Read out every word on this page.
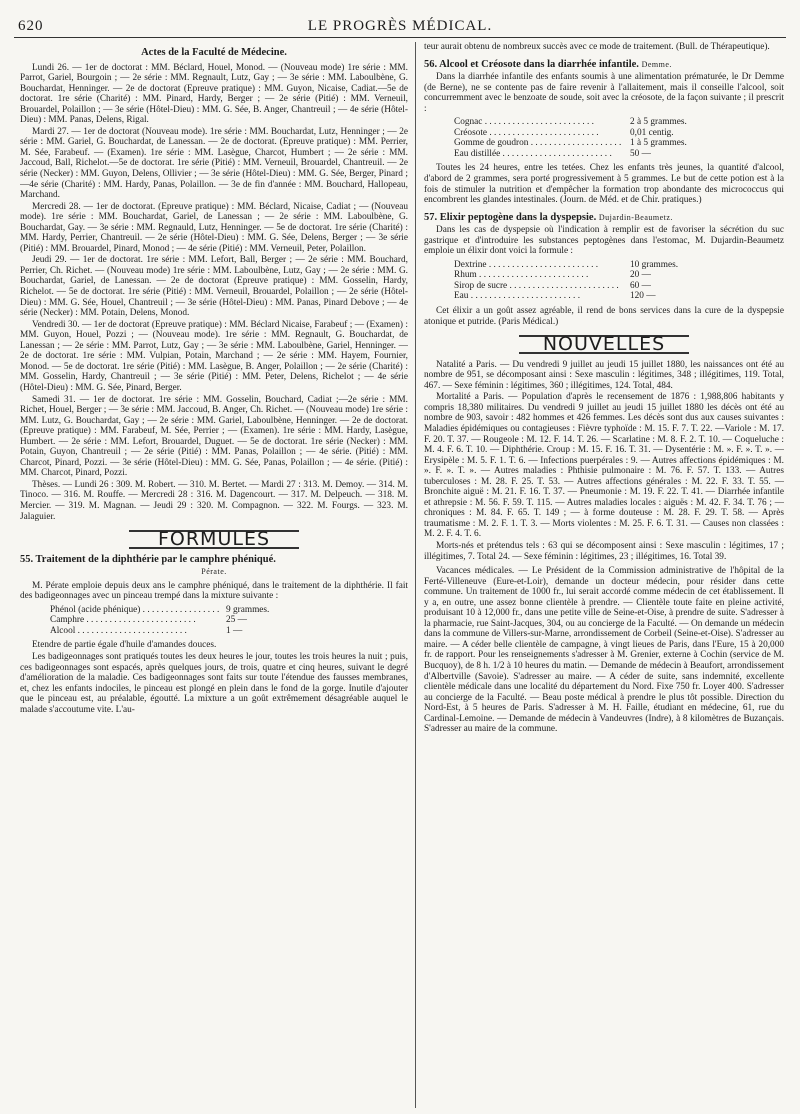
620	LE PROGRÈS MÉDICAL.
Actes de la Faculté de Médecine.

Lundi 26. — 1er de doctorat : MM. Béclard, Houel, Monod. — (Nouveau mode) 1re série : MM. Parrot, Gariel, Bourgoin ; — 2e série : MM. Regnault, Lutz, Gay ; — 3e série : MM. Laboulbène, G. Bouchardat, Henninger. — 2e de doctorat (Epreuve pratique) : MM. Guyon, Nicaise, Cadiat.—5e de doctorat. 1re série (Charité) : MM. Pinard, Hardy, Berger ; — 2e série (Pitié) : MM. Verneuil, Brouardel, Polaillon ; — 3e série (Hôtel-Dieu) : MM. G. Sée, B. Anger, Chantreuil ; — 4e série (Hôtel-Dieu) : MM. Panas, Delens, Rigal.

Mardi 27. — 1er de doctorat (Nouveau mode). 1re série : MM. Bouchardat, Lutz, Henninger ; — 2e série : MM. Gariel, G. Bouchardat, de Lanessan. — 2e de doctorat. (Epreuve pratique) : MM. Perrier, M. Sée, Farabeuf. — (Examen). 1re série : MM. Lasègue, Charcot, Humbert ; — 2e série : MM. Jaccoud, Ball, Richelot.—5e de doctorat. 1re série (Pitié) : MM. Verneuil, Brouardel, Chantreuil. — 2e série (Necker) : MM. Guyon, Delens, Ollivier ; — 3e série (Hôtel-Dieu) : MM. G. Sée, Berger, Pinard ;—4e série (Charité) : MM. Hardy, Panas, Polaillon. — 3e de fin d'année : MM. Bouchard, Hallopeau, Marchand.

Mercredi 28. — 1er de doctorat. (Epreuve pratique) : MM. Béclard, Nicaise, Cadiat ; — (Nouveau mode). 1re série : MM. Bouchardat, Gariel, de Lanessan ; — 2e série : MM. Laboulbène, G. Bouchardat, Gay. — 3e série : MM. Regnauld, Lutz, Henninger. — 5e de doctorat. 1re série (Charité) : MM. Hardy, Perrier, Chantreuil. — 2e série (Hôtel-Dieu) : MM. G. Sée, Delens, Berger ; — 3e série (Pitié) : MM. Brouardel, Pinard, Monod ; — 4e série (Pitié) : MM. Verneuil, Peter, Polaillon.

Jeudi 29. — 1er de doctorat. 1re série : MM. Lefort, Ball, Berger ; — 2e série : MM. Bouchard, Perrier, Ch. Richet. — (Nouveau mode) 1re série : MM. Laboulbène, Lutz, Gay ; — 2e série : MM. G. Bouchardat, Gariel, de Lanessan. — 2e de doctorat (Epreuve pratique) : MM. Gosselin, Hardy, Richelot. — 5e de doctorat. 1re série (Pitié) : MM. Verneuil, Brouardel, Polaillon ; — 2e série (Hôtel-Dieu) : MM. G. Sée, Houel, Chantreuil ; — 3e série (Hôtel-Dieu) : MM. Panas, Pinard Debove ; — 4e série (Necker) : MM. Potain, Delens, Monod.

Vendredi 30. — 1er de doctorat (Epreuve pratique) : MM. Béclard Nicaise, Farabeuf ; — (Examen) : MM. Guyon, Houel, Pozzi ; — (Nouveau mode). 1re série : MM. Regnault, G. Bouchardat, de Lanessan ; — 2e série : MM. Parrot, Lutz, Gay ; — 3e série : MM. Laboulbène, Gariel, Henninger. — 2e de doctorat. 1re série : MM. Vulpian, Potain, Marchand ; — 2e série : MM. Hayem, Fournier, Monod. — 5e de doctorat. 1re série (Pitié) : MM. Lasègue, B. Anger, Polaillon ; — 2e série (Charité) : MM. Gosselin, Hardy, Chantreuil ; — 3e série (Pitié) : MM. Peter, Delens, Richelot ; — 4e série (Hôtel-Dieu) : MM. G. Sée, Pinard, Berger.

Samedi 31. — 1er de doctorat. 1re série : MM. Gosselin, Bouchard, Cadiat ;—2e série : MM. Richet, Houel, Berger ; — 3e série : MM. Jaccoud, B. Anger, Ch. Richet. — (Nouveau mode) 1re série : MM. Lutz, G. Bouchardat, Gay ; — 2e série : MM. Gariel, Laboulbène, Henninger. — 2e de doctorat. (Epreuve pratique) : MM. Farabeuf, M. Sée, Perrier ; — (Examen). 1re série : MM. Hardy, Lasègue, Humbert. — 2e série : MM. Lefort, Brouardel, Duguet. — 5e de doctorat. 1re série (Necker) : MM. Potain, Guyon, Chantreuil ; — 2e série (Pitié) : MM. Panas, Polaillon ; — 4e série. (Pitié) : MM. Charcot, Pinard, Pozzi. — 3e série (Hôtel-Dieu) : MM. G. Sée, Panas, Polaillon ; — 4e série. (Pitié) : MM. Charcot, Pinard, Pozzi.

Thèses. — Lundi 26 : 309. M. Robert. — 310. M. Bertet. — Mardi 27 : 313. M. Demoy. — 314. M. Tinoco. — 316. M. Rouffe. — Mercredi 28 : 316. M. Dagencourt. — 317. M. Delpeuch. — 318. M. Mercier. — 319. M. Magnan. — Jeudi 29 : 320. M. Compagnon. — 322. M. Fourgs. — 323. M. Jalaguier.

FORMULES
55. Traitement de la diphthérie par le camphre phéniqué.
Pérate.

M. Pérate emploie depuis deux ans le camphre phéniqué, dans le traitement de la diphthérie. Il fait des badigeonnages avec un pinceau trempé dans la mixture suivante :

Phénol (acide phénique) . . .	9 grammes.
Camphre . . .	25 —
Alcool . . .	1 —

Etendre de partie égale d'huile d'amandes douces.

Les badigeonnages sont pratiqués toutes les deux heures le jour, toutes les trois heures la nuit ; puis, ces badigeonnages sont espacés, après quelques jours, de trois, quatre et cinq heures, suivant le degré d'amélioration de la maladie. Ces badigeonnages sont faits sur toute l'étendue des fausses membranes, et, chez les enfants indociles, le pinceau est plongé en plein dans le fond de la gorge. Inutile d'ajouter que le pinceau est, au préalable, égoutté. La mixture a un goût extrêmement désagréable auquel le malade s'accoutume vite. L'au-

teur aurait obtenu de nombreux succès avec ce mode de traitement. (Bull. de Thérapeutique).

56. Alcool et Créosote dans la diarrhée infantile. Demme.

Dans la diarrhée infantile des enfants soumis à une alimentation prématurée, le Dr Demme (de Berne), ne se contente pas de faire revenir à l'allaitement, mais il conseille l'alcool, soit concurremment avec le benzoate de soude, soit avec la créosote, de la façon suivante ; il prescrit :

Cognac . . .	2 à 5 grammes.
Créosote . . .	0,01 centig.
Gomme de goudron . . .	1 à 5 grammes.
Eau distillée . . .	50 —

Toutes les 24 heures, entre les tetées. Chez les enfants très jeunes, la quantité d'alcool, d'abord de 2 grammes, sera porté progressivement à 5 grammes. Le but de cette potion est à la fois de stimuler la nutrition et d'empêcher la formation trop abondante des micrococcus qui encombrent les glandes intestinales. (Journ. de Méd. et de Chir. pratiques.)

57. Elixir peptogène dans la dyspepsie. Dujardin-Beaumetz.

Dans les cas de dyspepsie où l'indication à remplir est de favoriser la sécrétion du suc gastrique et d'introduire les substances peptogènes dans l'estomac, M. Dujardin-Beaumetz emploie un élixir dont voici la formule :

Dextrine . . .	10 grammes.
Rhum . . .	20 —
Sirop de sucre . . .	60 —
Eau . . .	120 —

Cet élixir a un goût assez agréable, il rend de bons services dans la cure de la dyspepsie atonique et putride. (Paris Médical.)

NOUVELLES

Natalité a Paris. — Du vendredi 9 juillet au jeudi 15 juillet 1880, les naissances ont été au nombre de 951, se décomposant ainsi : Sexe masculin : légitimes, 348 ; illégitimes, 119. Total, 467. — Sexe féminin : légitimes, 360 ; illégitimes, 124. Total, 484.

Mortalité a Paris. — Population d'après le recensement de 1876 : 1,988,806 habitants y compris 18,380 militaires. Du vendredi 9 juillet au jeudi 15 juillet 1880 les décès ont été au nombre de 903, savoir : 482 hommes et 426 femmes. Les décès sont dus aux causes suivantes : Maladies épidémiques ou contagieuses : Fièvre typhoïde : M. 15. F. 7. T. 22. —Variole : M. 17. F. 20. T. 37. — Rougeole : M. 12. F. 14. T. 26. — Scarlatine : M. 8. F. 2. T. 10. — Coqueluche : M. 4. F. 6. T. 10. — Diphthérie. Croup : M. 15. F. 16. T. 31. — Dysentérie : M. ». F. ». T. ». — Erysipèle : M. 5. F. 1. T. 6. — Infections puerpérales : 9. — Autres affections épidémiques : M. ». F. ». T. ». — Autres maladies : Phthisie pulmonaire : M. 76. F. 57. T. 133. — Autres tuberculoses : M. 28. F. 25. T. 53. — Autres affections générales : M. 22. F. 33. T. 55. — Bronchite aiguë : M. 21. F. 16. T. 37. — Pneumonie : M. 19. F. 22. T. 41. — Diarrhée infantile et athrepsie : M. 56. F. 59. T. 115. — Autres maladies locales : aiguës : M. 42. F. 34. T. 76 ; — chroniques : M. 84. F. 65. T. 149 ; — à forme douteuse : M. 28. F. 29. T. 58. — Après traumatisme : M. 2. F. 1. T. 3. — Morts violentes : M. 25. F. 6. T. 31. — Causes non classées : M. 2. F. 4. T. 6.

Morts-nés et prétendus tels : 63 qui se décomposent ainsi : Sexe masculin : légitimes, 17 ; illégitimes, 7. Total 24. — Sexe féminin : légitimes, 23 ; illégitimes, 16. Total 39.

Vacances médicales. — Le Président de la Commission administrative de l'hôpital de la Ferté-Villeneuve (Eure-et-Loir), demande un docteur médecin, pour résider dans cette commune. Un traitement de 1000 fr., lui serait accordé comme médecin de cet établissement. Il y a, en outre, une assez bonne clientèle à prendre. — Clientèle toute faite en pleine activité, produisant 10 à 12,000 fr., dans une petite ville de Seine-et-Oise, à prendre de suite. S'adresser à la pharmacie, rue Saint-Jacques, 304, ou au concierge de la Faculté. — On demande un médecin dans la commune de Villers-sur-Marne, arrondissement de Corbeil (Seine-et-Oise). S'adresser au maire. — A céder belle clientèle de campagne, à vingt lieues de Paris, dans l'Eure, 15 à 20,000 fr. de rapport. Pour les renseignements s'adresser à M. Grenier, externe à Cochin (service de M. Bucquoy), de 8 h. 1/2 à 10 heures du matin. — Demande de médecin à Beaufort, arrondissement d'Albertville (Savoie). S'adresser au maire. — A céder de suite, sans indemnité, excellente clientèle médicale dans une localité du département du Nord. Fixe 750 fr. Loyer 400. S'adresser au concierge de la Faculté. — Beau poste médical à prendre le plus tôt possible. Direction du Nord-Est, à 5 heures de Paris. S'adresser à M. H. Faille, étudiant en médecine, 61, rue du Cardinal-Lemoine. — Demande de médecin à Vandeuvres (Indre), à 8 kilomètres de Buzançais. S'adresser au maire de la commune.
